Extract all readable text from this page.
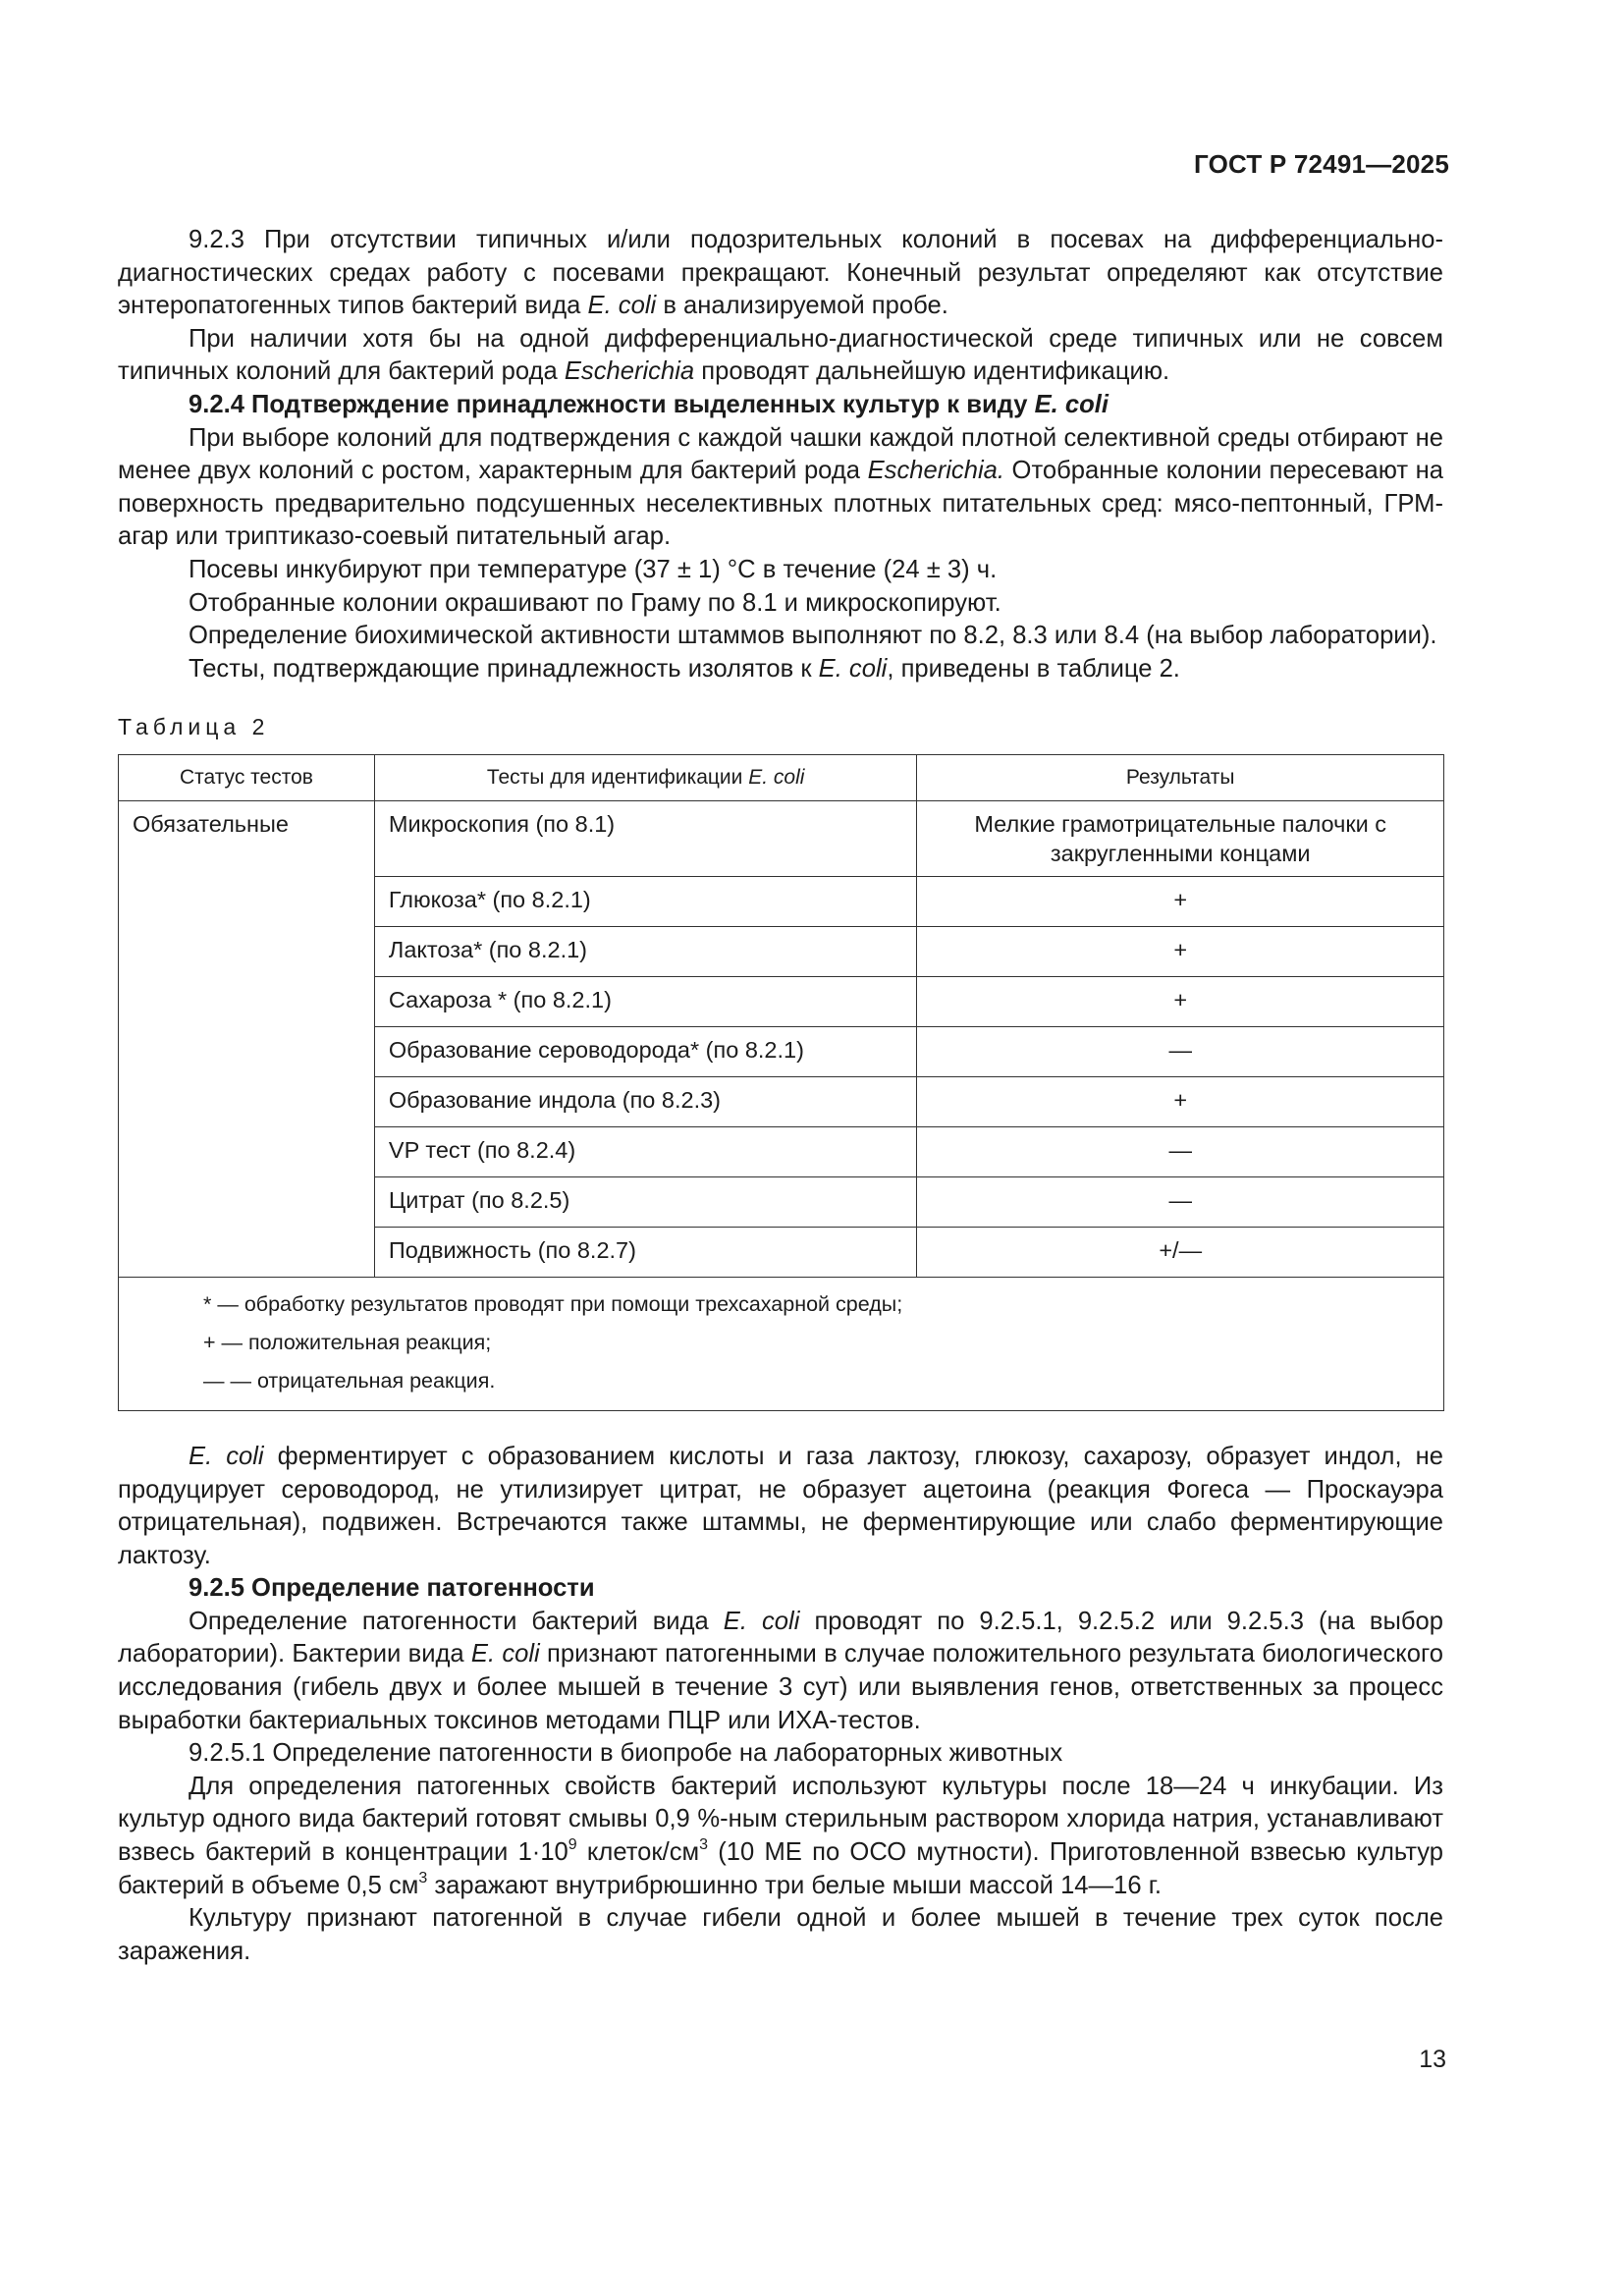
ГОСТ Р 72491—2025

9.2.3 При отсутствии типичных и/или подозрительных колоний в посевах на дифференциально-диагностических средах работу с посевами прекращают. Конечный результат определяют как отсутствие энтеропатогенных типов бактерий вида E. coli в анализируемой пробе.

При наличии хотя бы на одной дифференциально-диагностической среде типичных или не совсем типичных колоний для бактерий рода Escherichia проводят дальнейшую идентификацию.

9.2.4 Подтверждение принадлежности выделенных культур к виду E. coli

При выборе колоний для подтверждения с каждой чашки каждой плотной селективной среды отбирают не менее двух колоний с ростом, характерным для бактерий рода Escherichia. Отобранные колонии пересевают на поверхность предварительно подсушенных неселективных плотных питательных сред: мясо-пептонный, ГРМ-агар или триптиказо-соевый питательный агар.

Посевы инкубируют при температуре (37 ± 1) °С в течение (24 ± 3) ч.

Отобранные колонии окрашивают по Граму по 8.1 и микроскопируют.

Определение биохимической активности штаммов выполняют по 8.2, 8.3 или 8.4 (на выбор лаборатории).

Тесты, подтверждающие принадлежность изолятов к E. coli, приведены в таблице 2.

Таблица 2
Статус тестов	Тесты для идентификации E. coli	Результаты
Обязательные	Микроскопия (по 8.1)	Мелкие грамотрицательные палочки с закругленными концами
	Глюкоза* (по 8.2.1)	+
	Лактоза* (по 8.2.1)	+
	Сахароза * (по 8.2.1)	+
	Образование сероводорода* (по 8.2.1)	—
	Образование индола (по 8.2.3)	+
	VP тест (по 8.2.4)	—
	Цитрат (по 8.2.5)	—
	Подвижность (по 8.2.7)	+/—

* — обработку результатов проводят при помощи трехсахарной среды;
+ — положительная реакция;
— — отрицательная реакция.		

E. coli ферментирует с образованием кислоты и газа лактозу, глюкозу, сахарозу, образует индол, не продуцирует сероводород, не утилизирует цитрат, не образует ацетоина (реакция Фогеса — Проскауэра отрицательная), подвижен. Встречаются также штаммы, не ферментирующие или слабо ферментирующие лактозу.

9.2.5 Определение патогенности

Определение патогенности бактерий вида E. coli проводят по 9.2.5.1, 9.2.5.2 или 9.2.5.3 (на выбор лаборатории). Бактерии вида E. coli признают патогенными в случае положительного результата биологического исследования (гибель двух и более мышей в течение 3 сут) или выявления генов, ответственных за процесс выработки бактериальных токсинов методами ПЦР или ИХА-тестов.

9.2.5.1 Определение патогенности в биопробе на лабораторных животных

Для определения патогенных свойств бактерий используют культуры после 18—24 ч инкубации. Из культур одного вида бактерий готовят смывы 0,9 %-ным стерильным раствором хлорида натрия, устанавливают взвесь бактерий в концентрации $1\cdot 10^9$ клеток/$см^3$ (10 МЕ по ОСО мутности). Приготовленной взвесью культур бактерий в объеме 0,5 $см^3$ заражают внутрибрюшинно три белые мыши массой 14—16 г.

Культуру признают патогенной в случае гибели одной и более мышей в течение трех суток после заражения.

13
